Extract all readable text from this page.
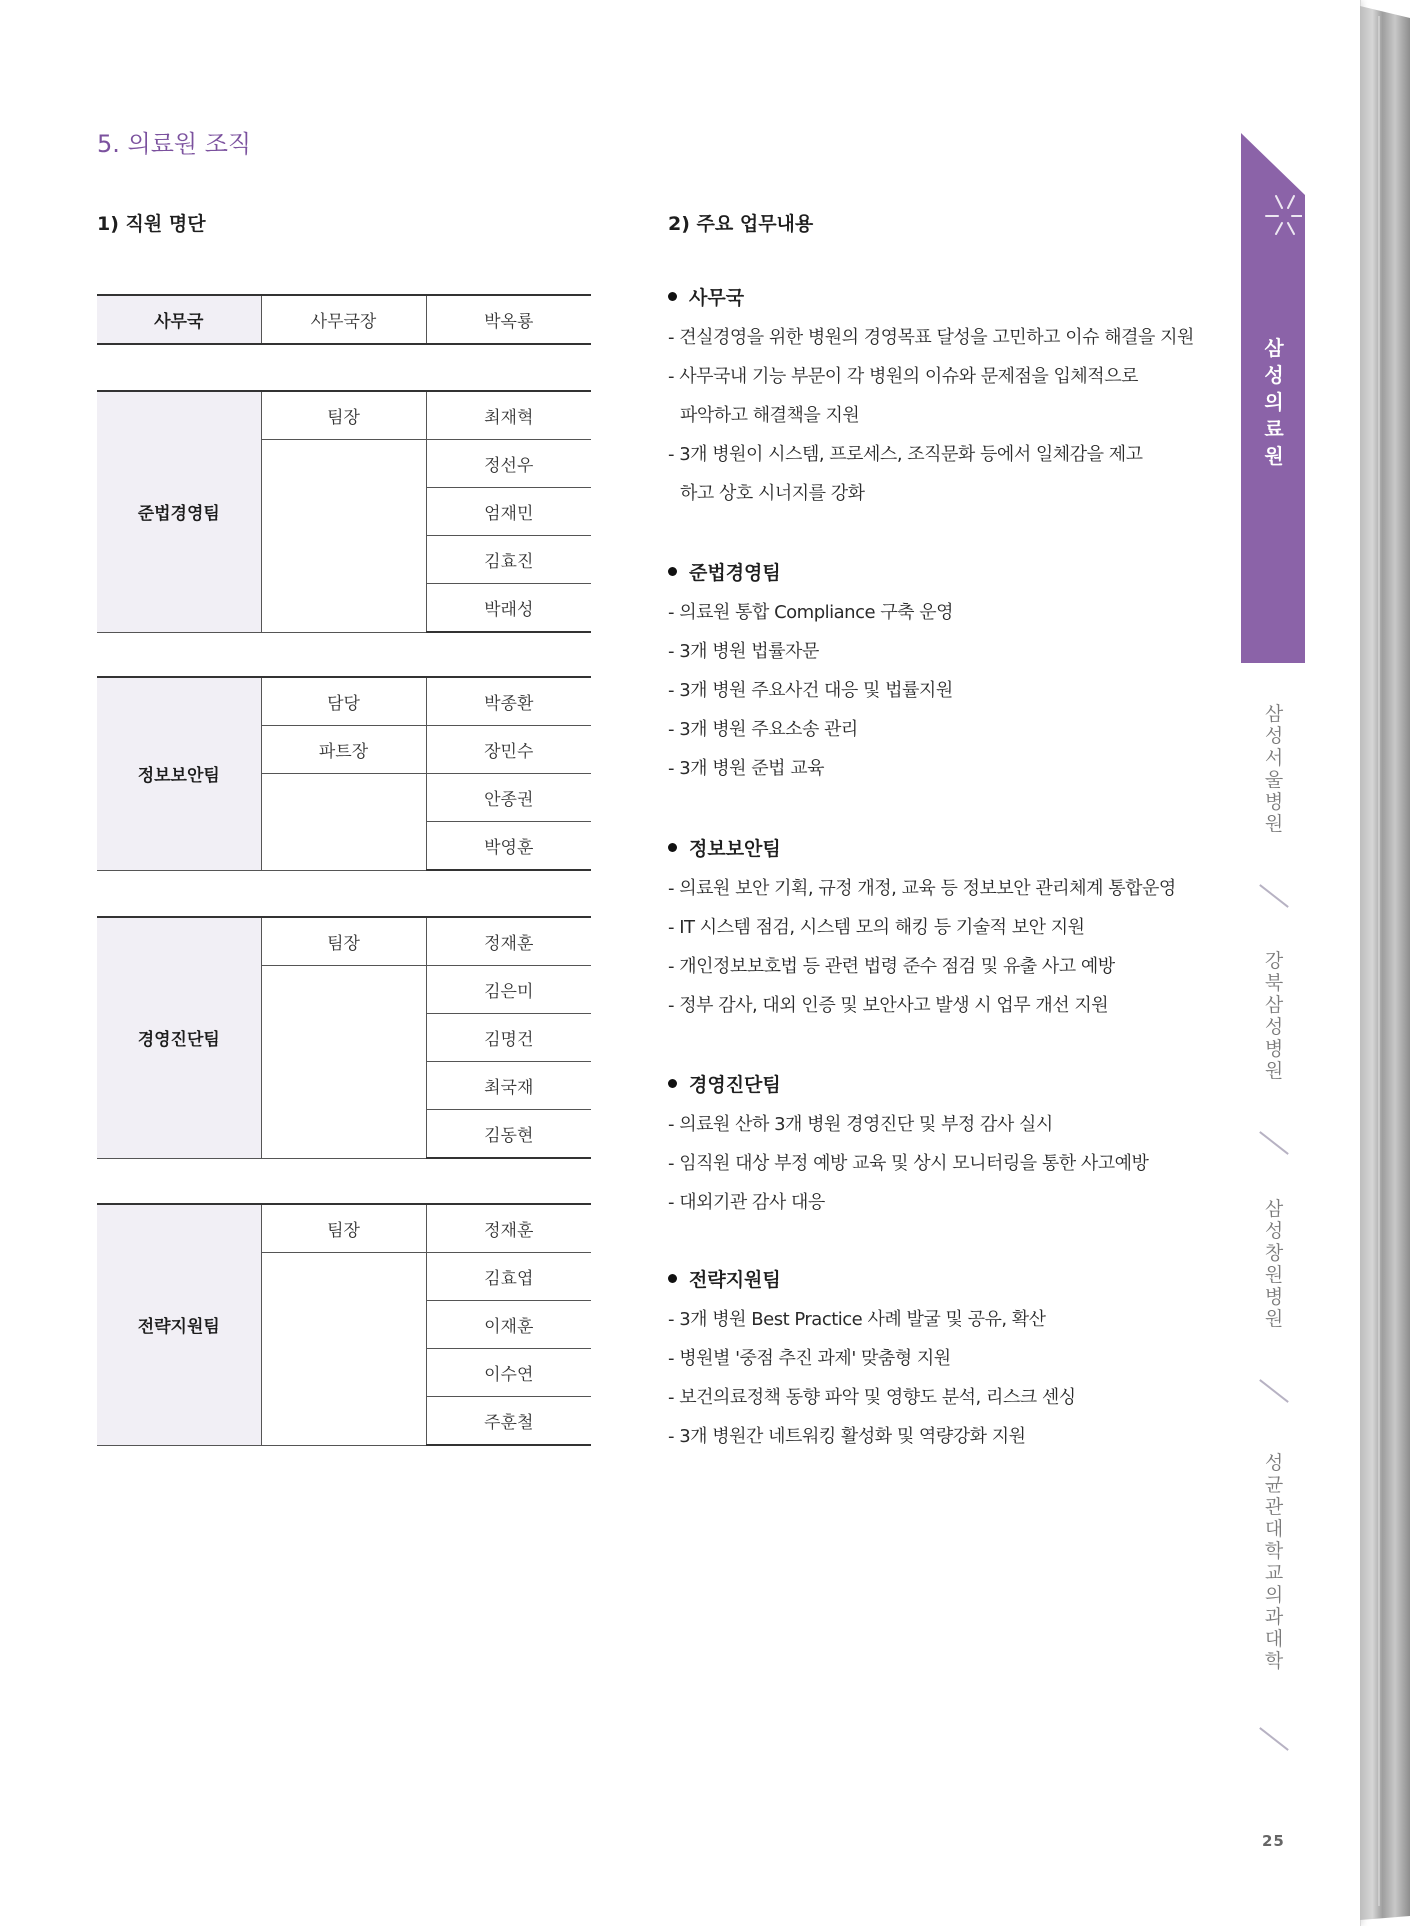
5. 의료원 조직
1) 직원 명단	2) 주요 업무내용
사무국	사무국장	박옥룡
준법경영팀	팀장	최재혁
		정선우
		엄재민
		김효진
		박래성
정보보안팀	담당	박종환
	파트장	장민수
		안종권
		박영훈
경영진단팀	팀장	정재훈
		김은미
		김명건
		최국재
		김동현
전략지원팀	팀장	정재훈
		김효엽
		이재훈
		이수연
		주훈철
사무국
- 견실경영을 위한 병원의 경영목표 달성을 고민하고 이슈 해결을 지원
- 사무국내 기능 부문이 각 병원의 이슈와 문제점을 입체적으로
파악하고 해결책을 지원
- 3개 병원이 시스템, 프로세스, 조직문화 등에서 일체감을 제고
하고 상호 시너지를 강화
준법경영팀
- 의료원 통합 Compliance 구축 운영
- 3개 병원 법률자문
- 3개 병원 주요사건 대응 및 법률지원
- 3개 병원 주요소송 관리
- 3개 병원 준법 교육
정보보안팀
- 의료원 보안 기획, 규정 개정, 교육 등 정보보안 관리체계 통합운영
- IT 시스템 점검, 시스템 모의 해킹 등 기술적 보안 지원
- 개인정보보호법 등 관련 법령 준수 점검 및 유출 사고 예방
- 정부 감사, 대외 인증 및 보안사고 발생 시 업무 개선 지원
경영진단팀
- 의료원 산하 3개 병원 경영진단 및 부정 감사 실시
- 임직원 대상 부정 예방 교육 및 상시 모니터링을 통한 사고예방
- 대외기관 감사 대응
전략지원팀
- 3개 병원 Best Practice 사례 발굴 및 공유, 확산
- 병원별 '중점 추진 과제' 맞춤형 지원
- 보건의료정책 동향 파악 및 영향도 분석, 리스크 센싱
- 3개 병원간 네트워킹 활성화 및 역량강화 지원
삼성의료원
삼성서울병원
강북삼성병원
삼성창원병원
성균관대학교 의과대학
25
